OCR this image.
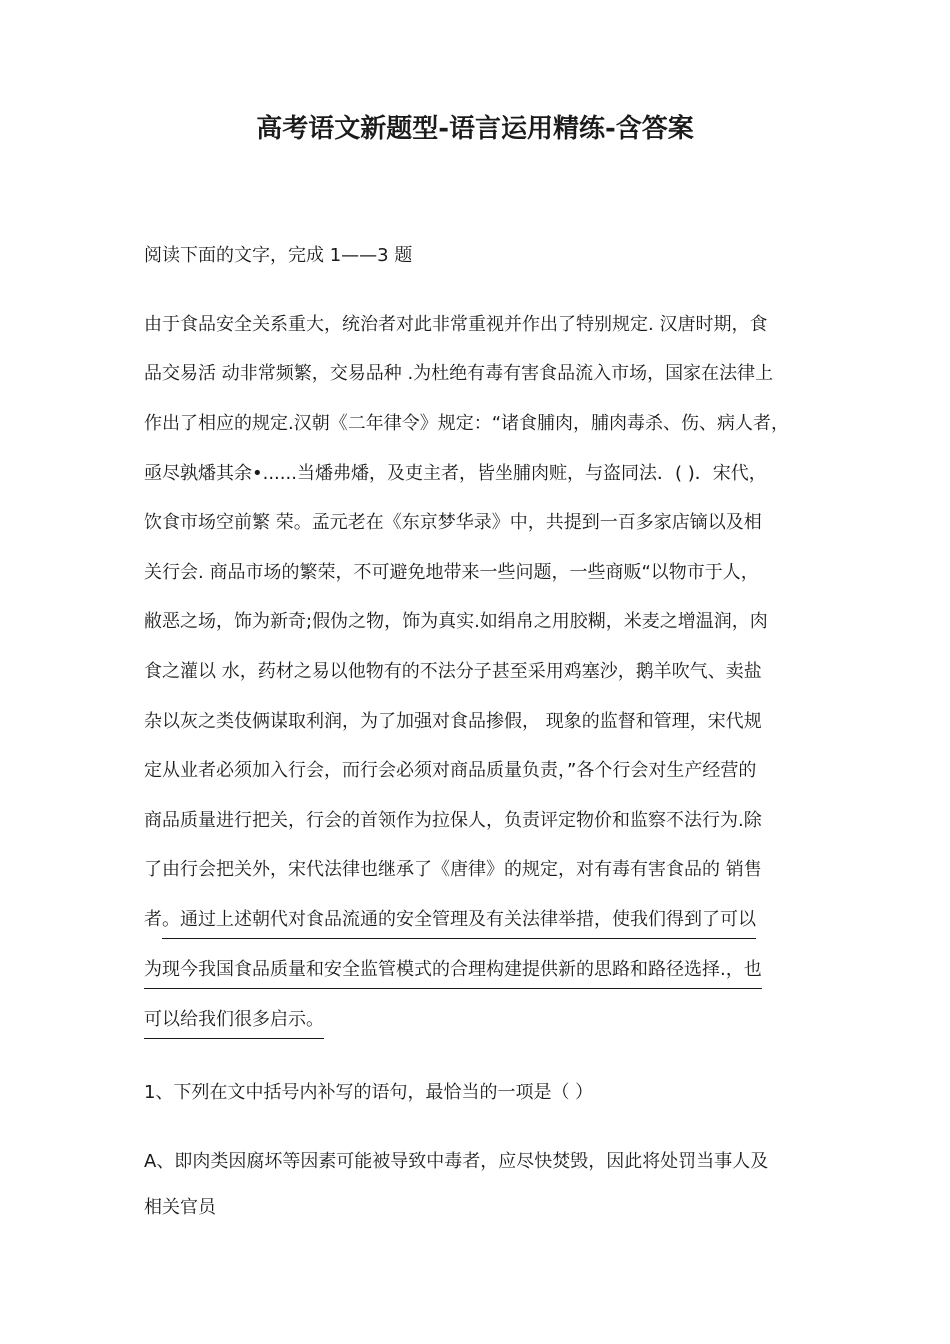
高考语文新题型-语言运用精练-含答案
阅读下面的文字，完成 1——3 题
由于食品安全关系重大，统治者对此非常重视并作出了特别规定. 汉唐时期，食
品交易活 动非常频繁，交易品种 .为杜绝有毒有害食品流入市场，国家在法律上
作出了相应的规定.汉朝《二年律令》规定：“诸食脯肉，脯肉毒杀、伤、病人者，
亟尽孰燔其余•......当燔弗燔，及吏主者，皆坐脯肉赃，与盗同法．( )．宋代，
饮食市场空前繁 荣。孟元老在《东京梦华录》中，共提到一百多家店镝以及相
关行会. 商品市场的繁荣，不可避免地带来一些问题，一些商贩“以物市于人，
敝恶之场，饰为新奇;假伪之物，饰为真实.如绢帛之用胶糊，米麦之增温润，肉
食之灌以 水，药材之易以他物有的不法分子甚至采用鸡塞沙，鹅羊吹气、卖盐
杂以灰之类伎俩谋取利润，为了加强对食品掺假， 现象的监督和管理，宋代规
定从业者必须加入行会，而行会必须对商品质量负责，”各个行会对生产经营的
商品质量进行把关，行会的首领作为拉保人，负责评定物价和监察不法行为.除
了由行会把关外，宋代法律也继承了《唐律》的规定，对有毒有害食品的 销售
者。通过上述朝代对食品流通的安全管理及有关法律举措，使我们得到了可以
为现今我国食品质量和安全监管模式的合理构建提供新的思路和路径选择.，也
可以给我们很多启示。
1、下列在文中括号内补写的语句，最恰当的一项是（ ）
A、即肉类因腐坏等因素可能被导致中毒者，应尽快焚毁，因此将处罚当事人及
相关官员
